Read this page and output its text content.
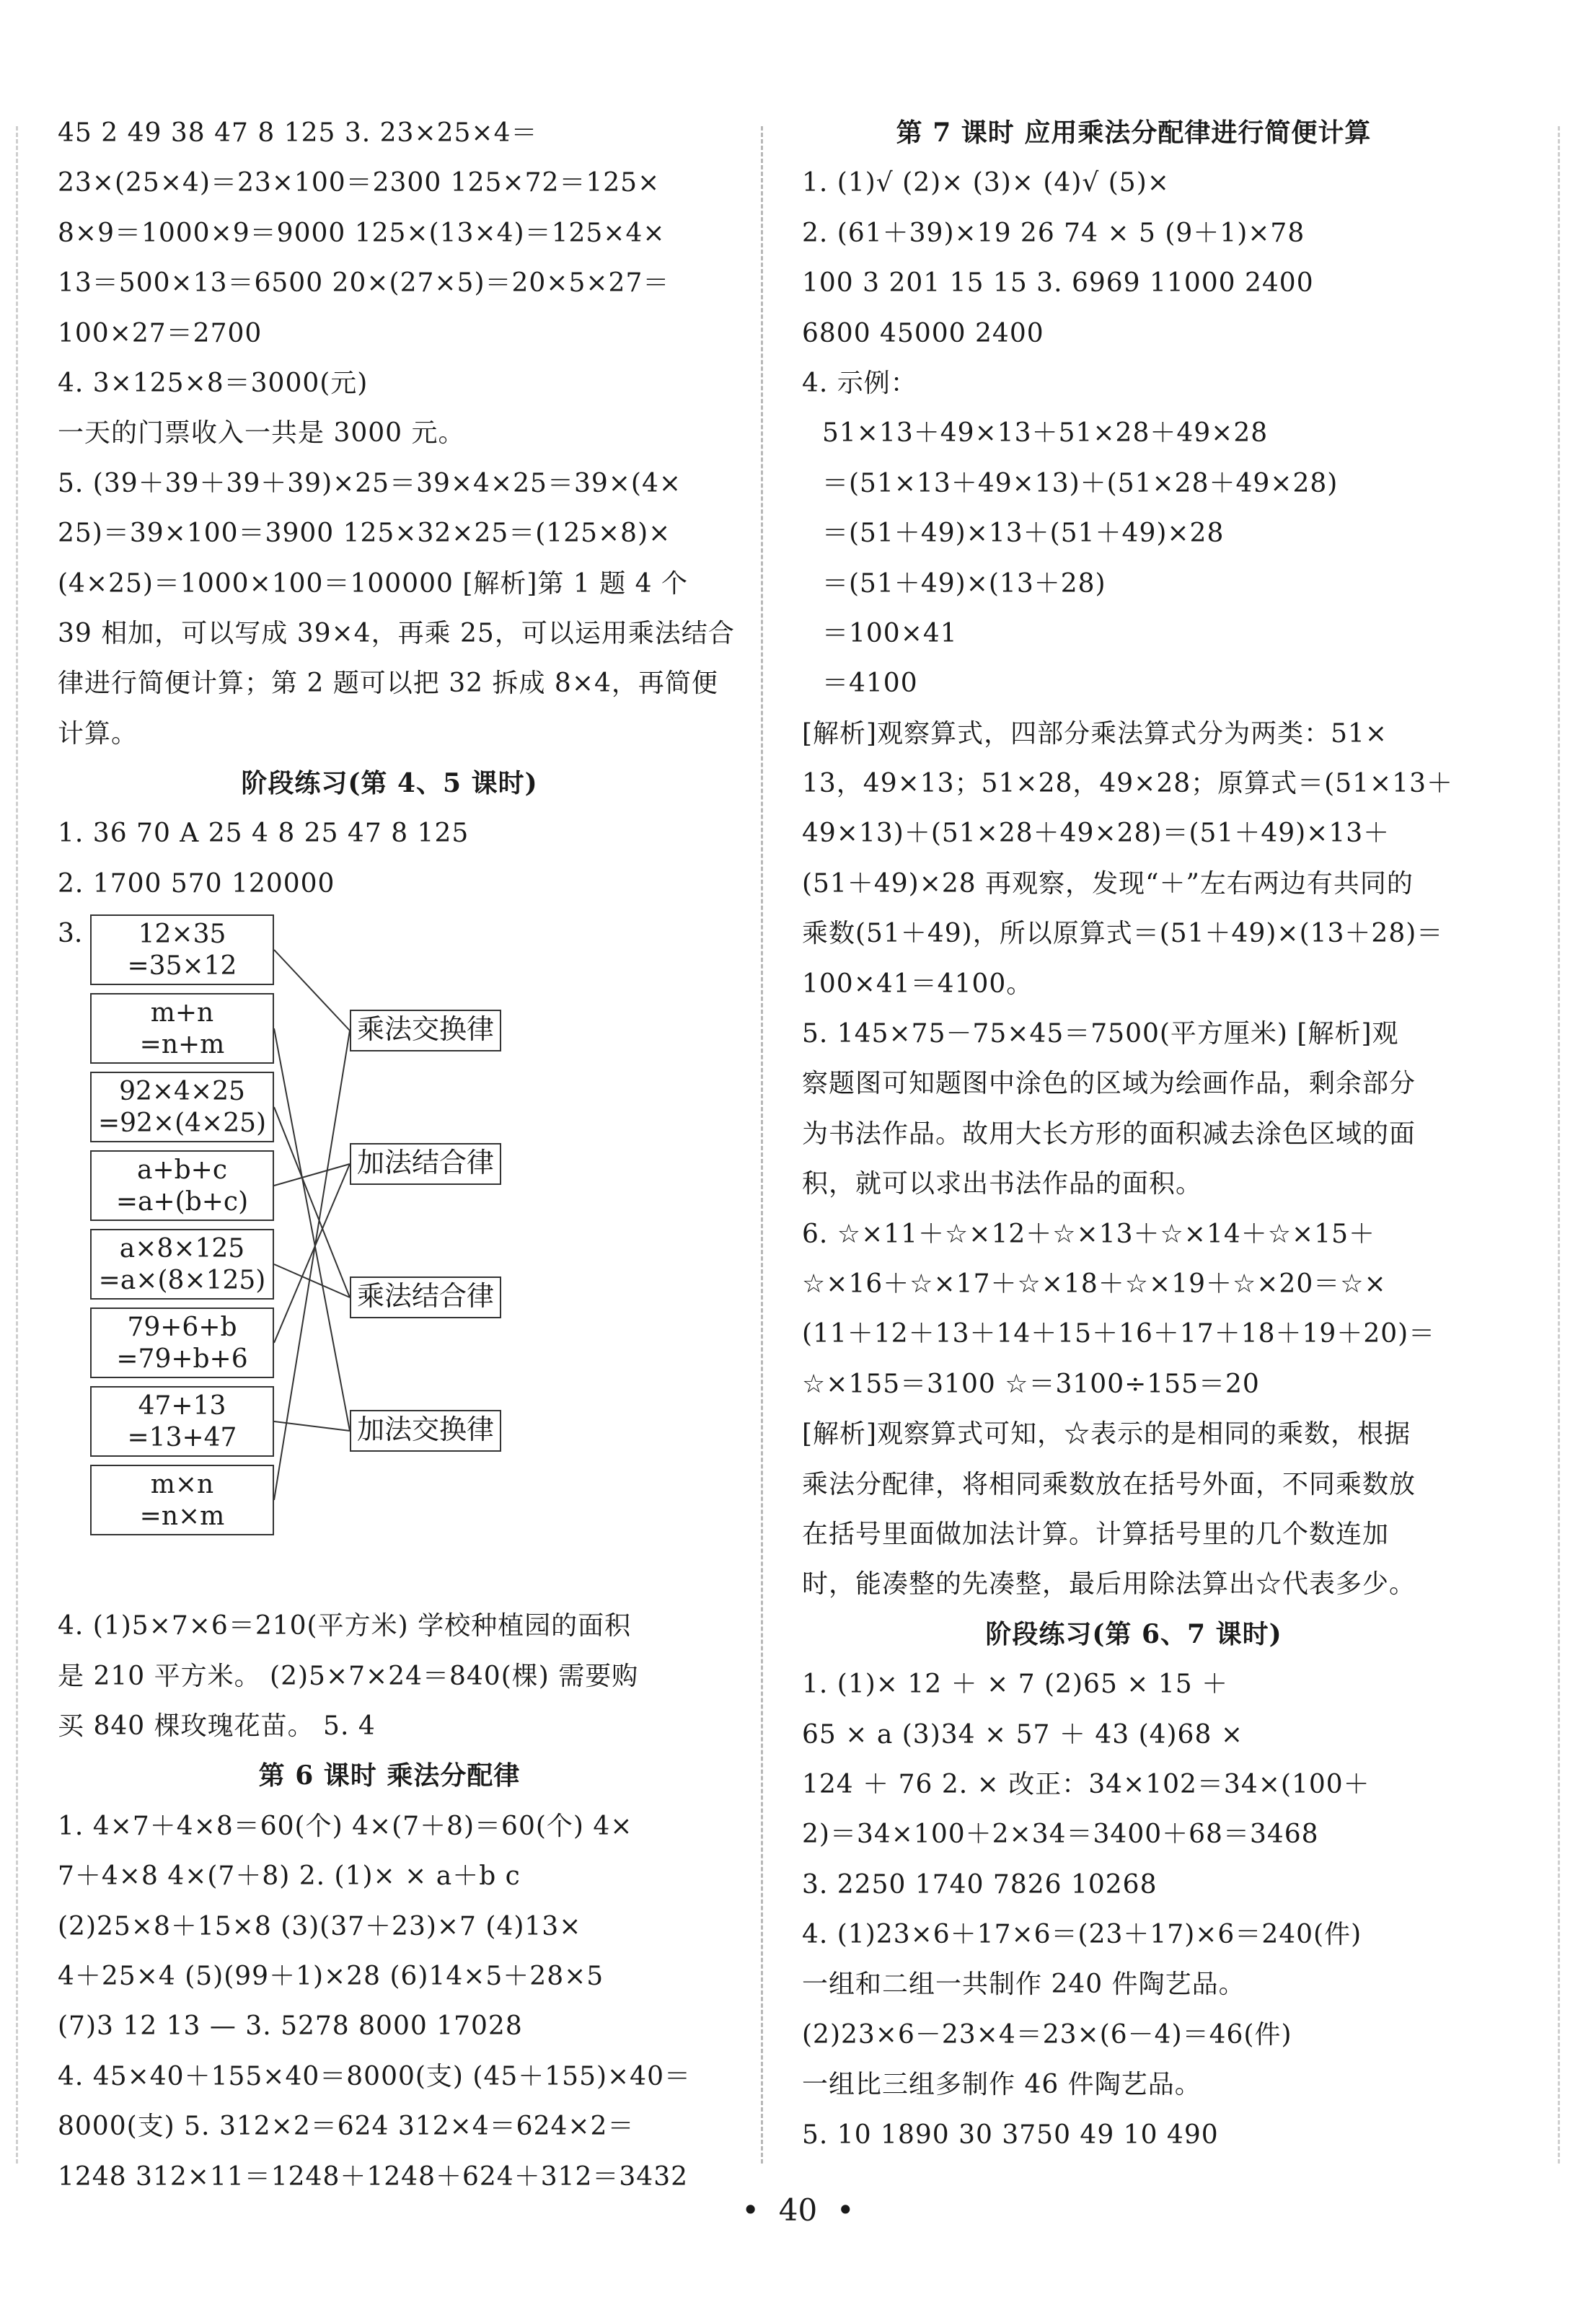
45 2 49 38 47 8 125 3. 23×25×4＝
23×(25×4)＝23×100＝2300 125×72＝125×
8×9＝1000×9＝9000 125×(13×4)＝125×4×
13＝500×13＝6500 20×(27×5)＝20×5×27＝
100×27＝2700
4. 3×125×8＝3000(元)
一天的门票收入一共是 3000 元。
5. (39＋39＋39＋39)×25＝39×4×25＝39×(4×
25)＝39×100＝3900 125×32×25＝(125×8)×
(4×25)＝1000×100＝100000 [解析]第 1 题 4 个
39 相加，可以写成 39×4，再乘 25，可以运用乘法结合
律进行简便计算；第 2 题可以把 32 拆成 8×4，再简便
计算。
阶段练习(第 4、5 课时)
1. 36 70 A 25 4 8 25 47 8 125
2. 1700 570 120000
3.	12×35
=35×12
m+n
=n+m
92×4×25
=92×(4×25)
a+b+c
=a+(b+c)
a×8×125
=a×(8×125)
79+6+b
=79+b+6
47+13
=13+47
m×n
=n×m
乘法交换律
加法结合律
乘法结合律
加法交换律
4. (1)5×7×6＝210(平方米) 学校种植园的面积
是 210 平方米。 (2)5×7×24＝840(棵) 需要购
买 840 棵玫瑰花苗。 5. 4
第 6 课时 乘法分配律
1. 4×7＋4×8＝60(个) 4×(7＋8)＝60(个) 4×
7＋4×8 4×(7＋8) 2. (1)× × a＋b c
(2)25×8＋15×8 (3)(37＋23)×7 (4)13×
4＋25×4 (5)(99＋1)×28 (6)14×5＋28×5
(7)3 12 13 — 3. 5278 8000 17028
4. 45×40＋155×40＝8000(支) (45＋155)×40＝
8000(支) 5. 312×2＝624 312×4＝624×2＝
1248 312×11＝1248＋1248＋624＋312＝3432
第 7 课时 应用乘法分配律进行简便计算
1. (1)√ (2)× (3)× (4)√ (5)×
2. (61＋39)×19 26 74 × 5 (9＋1)×78
100 3 201 15 15 3. 6969 11000 2400
6800 45000 2400
4. 示例：
51×13＋49×13＋51×28＋49×28
＝(51×13＋49×13)＋(51×28＋49×28)
＝(51＋49)×13＋(51＋49)×28
＝(51＋49)×(13＋28)
＝100×41
＝4100
[解析]观察算式，四部分乘法算式分为两类：51×
13，49×13；51×28，49×28；原算式＝(51×13＋
49×13)＋(51×28＋49×28)＝(51＋49)×13＋
(51＋49)×28 再观察，发现“＋”左右两边有共同的
乘数(51＋49)，所以原算式＝(51＋49)×(13＋28)＝
100×41＝4100。
5. 145×75－75×45＝7500(平方厘米) [解析]观
察题图可知题图中涂色的区域为绘画作品，剩余部分
为书法作品。故用大长方形的面积减去涂色区域的面
积，就可以求出书法作品的面积。
6. ☆×11＋☆×12＋☆×13＋☆×14＋☆×15＋
☆×16＋☆×17＋☆×18＋☆×19＋☆×20＝☆×
(11＋12＋13＋14＋15＋16＋17＋18＋19＋20)＝
☆×155＝3100 ☆＝3100÷155＝20
[解析]观察算式可知，☆表示的是相同的乘数，根据
乘法分配律，将相同乘数放在括号外面，不同乘数放
在括号里面做加法计算。计算括号里的几个数连加
时，能凑整的先凑整，最后用除法算出☆代表多少。
阶段练习(第 6、7 课时)
1. (1)× 12 ＋ × 7 (2)65 × 15 ＋
65 × a (3)34 × 57 ＋ 43 (4)68 ×
124 ＋ 76 2. × 改正：34×102＝34×(100＋
2)＝34×100＋2×34＝3400＋68＝3468
3. 2250 1740 7826 10268
4. (1)23×6＋17×6＝(23＋17)×6＝240(件)
一组和二组一共制作 240 件陶艺品。
(2)23×6－23×4＝23×(6－4)＝46(件)
一组比三组多制作 46 件陶艺品。
5. 10 1890 30 3750 49 10 490
•  40  •
